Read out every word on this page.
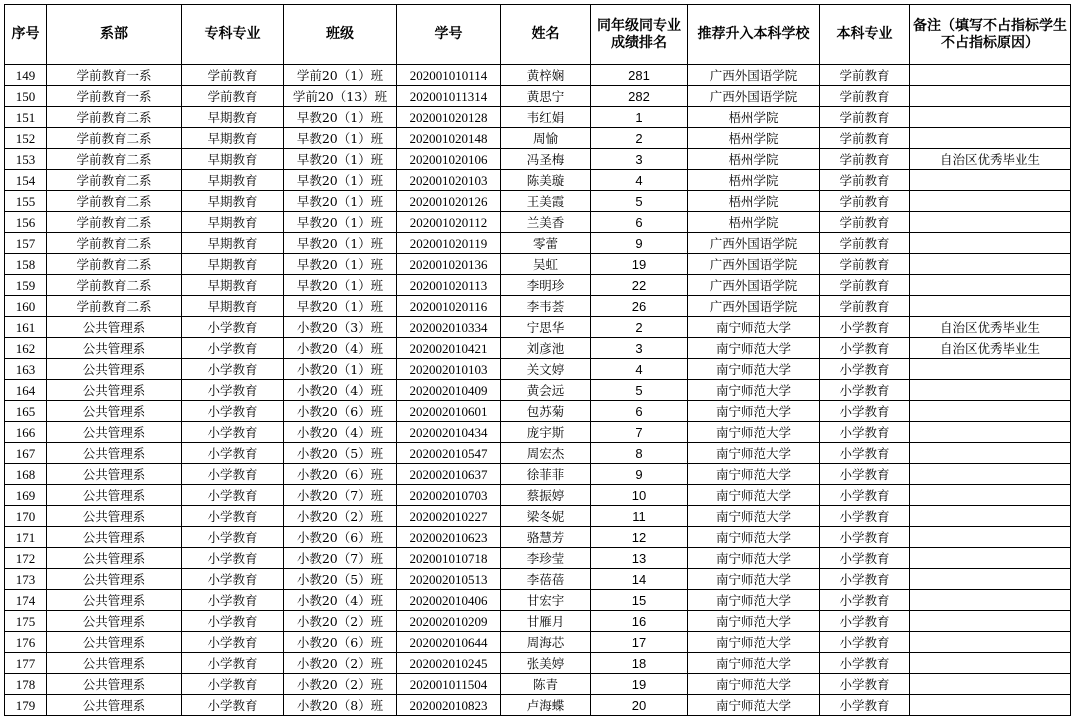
序号	系部	专科专业	班级	学号	姓名	同年级同专业成绩排名	推荐升入本科学校	本科专业	备注（填写不占指标学生不占指标原因）
149	学前教育一系	学前教育	学前20（1）班	202001010114	黄梓娴	281	广西外国语学院	学前教育	
150	学前教育一系	学前教育	学前20（13）班	202001011314	黄思宁	282	广西外国语学院	学前教育	
151	学前教育二系	早期教育	早教20（1）班	202001020128	韦红娟	1	梧州学院	学前教育	
152	学前教育二系	早期教育	早教20（1）班	202001020148	周愉	2	梧州学院	学前教育	
153	学前教育二系	早期教育	早教20（1）班	202001020106	冯圣梅	3	梧州学院	学前教育	自治区优秀毕业生
154	学前教育二系	早期教育	早教20（1）班	202001020103	陈美璇	4	梧州学院	学前教育	
155	学前教育二系	早期教育	早教20（1）班	202001020126	王美霞	5	梧州学院	学前教育	
156	学前教育二系	早期教育	早教20（1）班	202001020112	兰美香	6	梧州学院	学前教育	
157	学前教育二系	早期教育	早教20（1）班	202001020119	零蕾	9	广西外国语学院	学前教育	
158	学前教育二系	早期教育	早教20（1）班	202001020136	吴虹	19	广西外国语学院	学前教育	
159	学前教育二系	早期教育	早教20（1）班	202001020113	李明珍	22	广西外国语学院	学前教育	
160	学前教育二系	早期教育	早教20（1）班	202001020116	李韦荟	26	广西外国语学院	学前教育	
161	公共管理系	小学教育	小教20（3）班	202002010334	宁思华	2	南宁师范大学	小学教育	自治区优秀毕业生
162	公共管理系	小学教育	小教20（4）班	202002010421	刘彦池	3	南宁师范大学	小学教育	自治区优秀毕业生
163	公共管理系	小学教育	小教20（1）班	202002010103	关文婷	4	南宁师范大学	小学教育	
164	公共管理系	小学教育	小教20（4）班	202002010409	黄会远	5	南宁师范大学	小学教育	
165	公共管理系	小学教育	小教20（6）班	202002010601	包苏菊	6	南宁师范大学	小学教育	
166	公共管理系	小学教育	小教20（4）班	202002010434	庞宇斯	7	南宁师范大学	小学教育	
167	公共管理系	小学教育	小教20（5）班	202002010547	周宏杰	8	南宁师范大学	小学教育	
168	公共管理系	小学教育	小教20（6）班	202002010637	徐菲菲	9	南宁师范大学	小学教育	
169	公共管理系	小学教育	小教20（7）班	202002010703	蔡振婷	10	南宁师范大学	小学教育	
170	公共管理系	小学教育	小教20（2）班	202002010227	梁冬妮	11	南宁师范大学	小学教育	
171	公共管理系	小学教育	小教20（6）班	202002010623	骆慧芳	12	南宁师范大学	小学教育	
172	公共管理系	小学教育	小教20（7）班	202001010718	李珍莹	13	南宁师范大学	小学教育	
173	公共管理系	小学教育	小教20（5）班	202002010513	李蓓蓓	14	南宁师范大学	小学教育	
174	公共管理系	小学教育	小教20（4）班	202002010406	甘宏宇	15	南宁师范大学	小学教育	
175	公共管理系	小学教育	小教20（2）班	202002010209	甘雁月	16	南宁师范大学	小学教育	
176	公共管理系	小学教育	小教20（6）班	202002010644	周海芯	17	南宁师范大学	小学教育	
177	公共管理系	小学教育	小教20（2）班	202002010245	张美婷	18	南宁师范大学	小学教育	
178	公共管理系	小学教育	小教20（2）班	202001011504	陈青	19	南宁师范大学	小学教育	
179	公共管理系	小学教育	小教20（8）班	202002010823	卢海蝶	20	南宁师范大学	小学教育	
